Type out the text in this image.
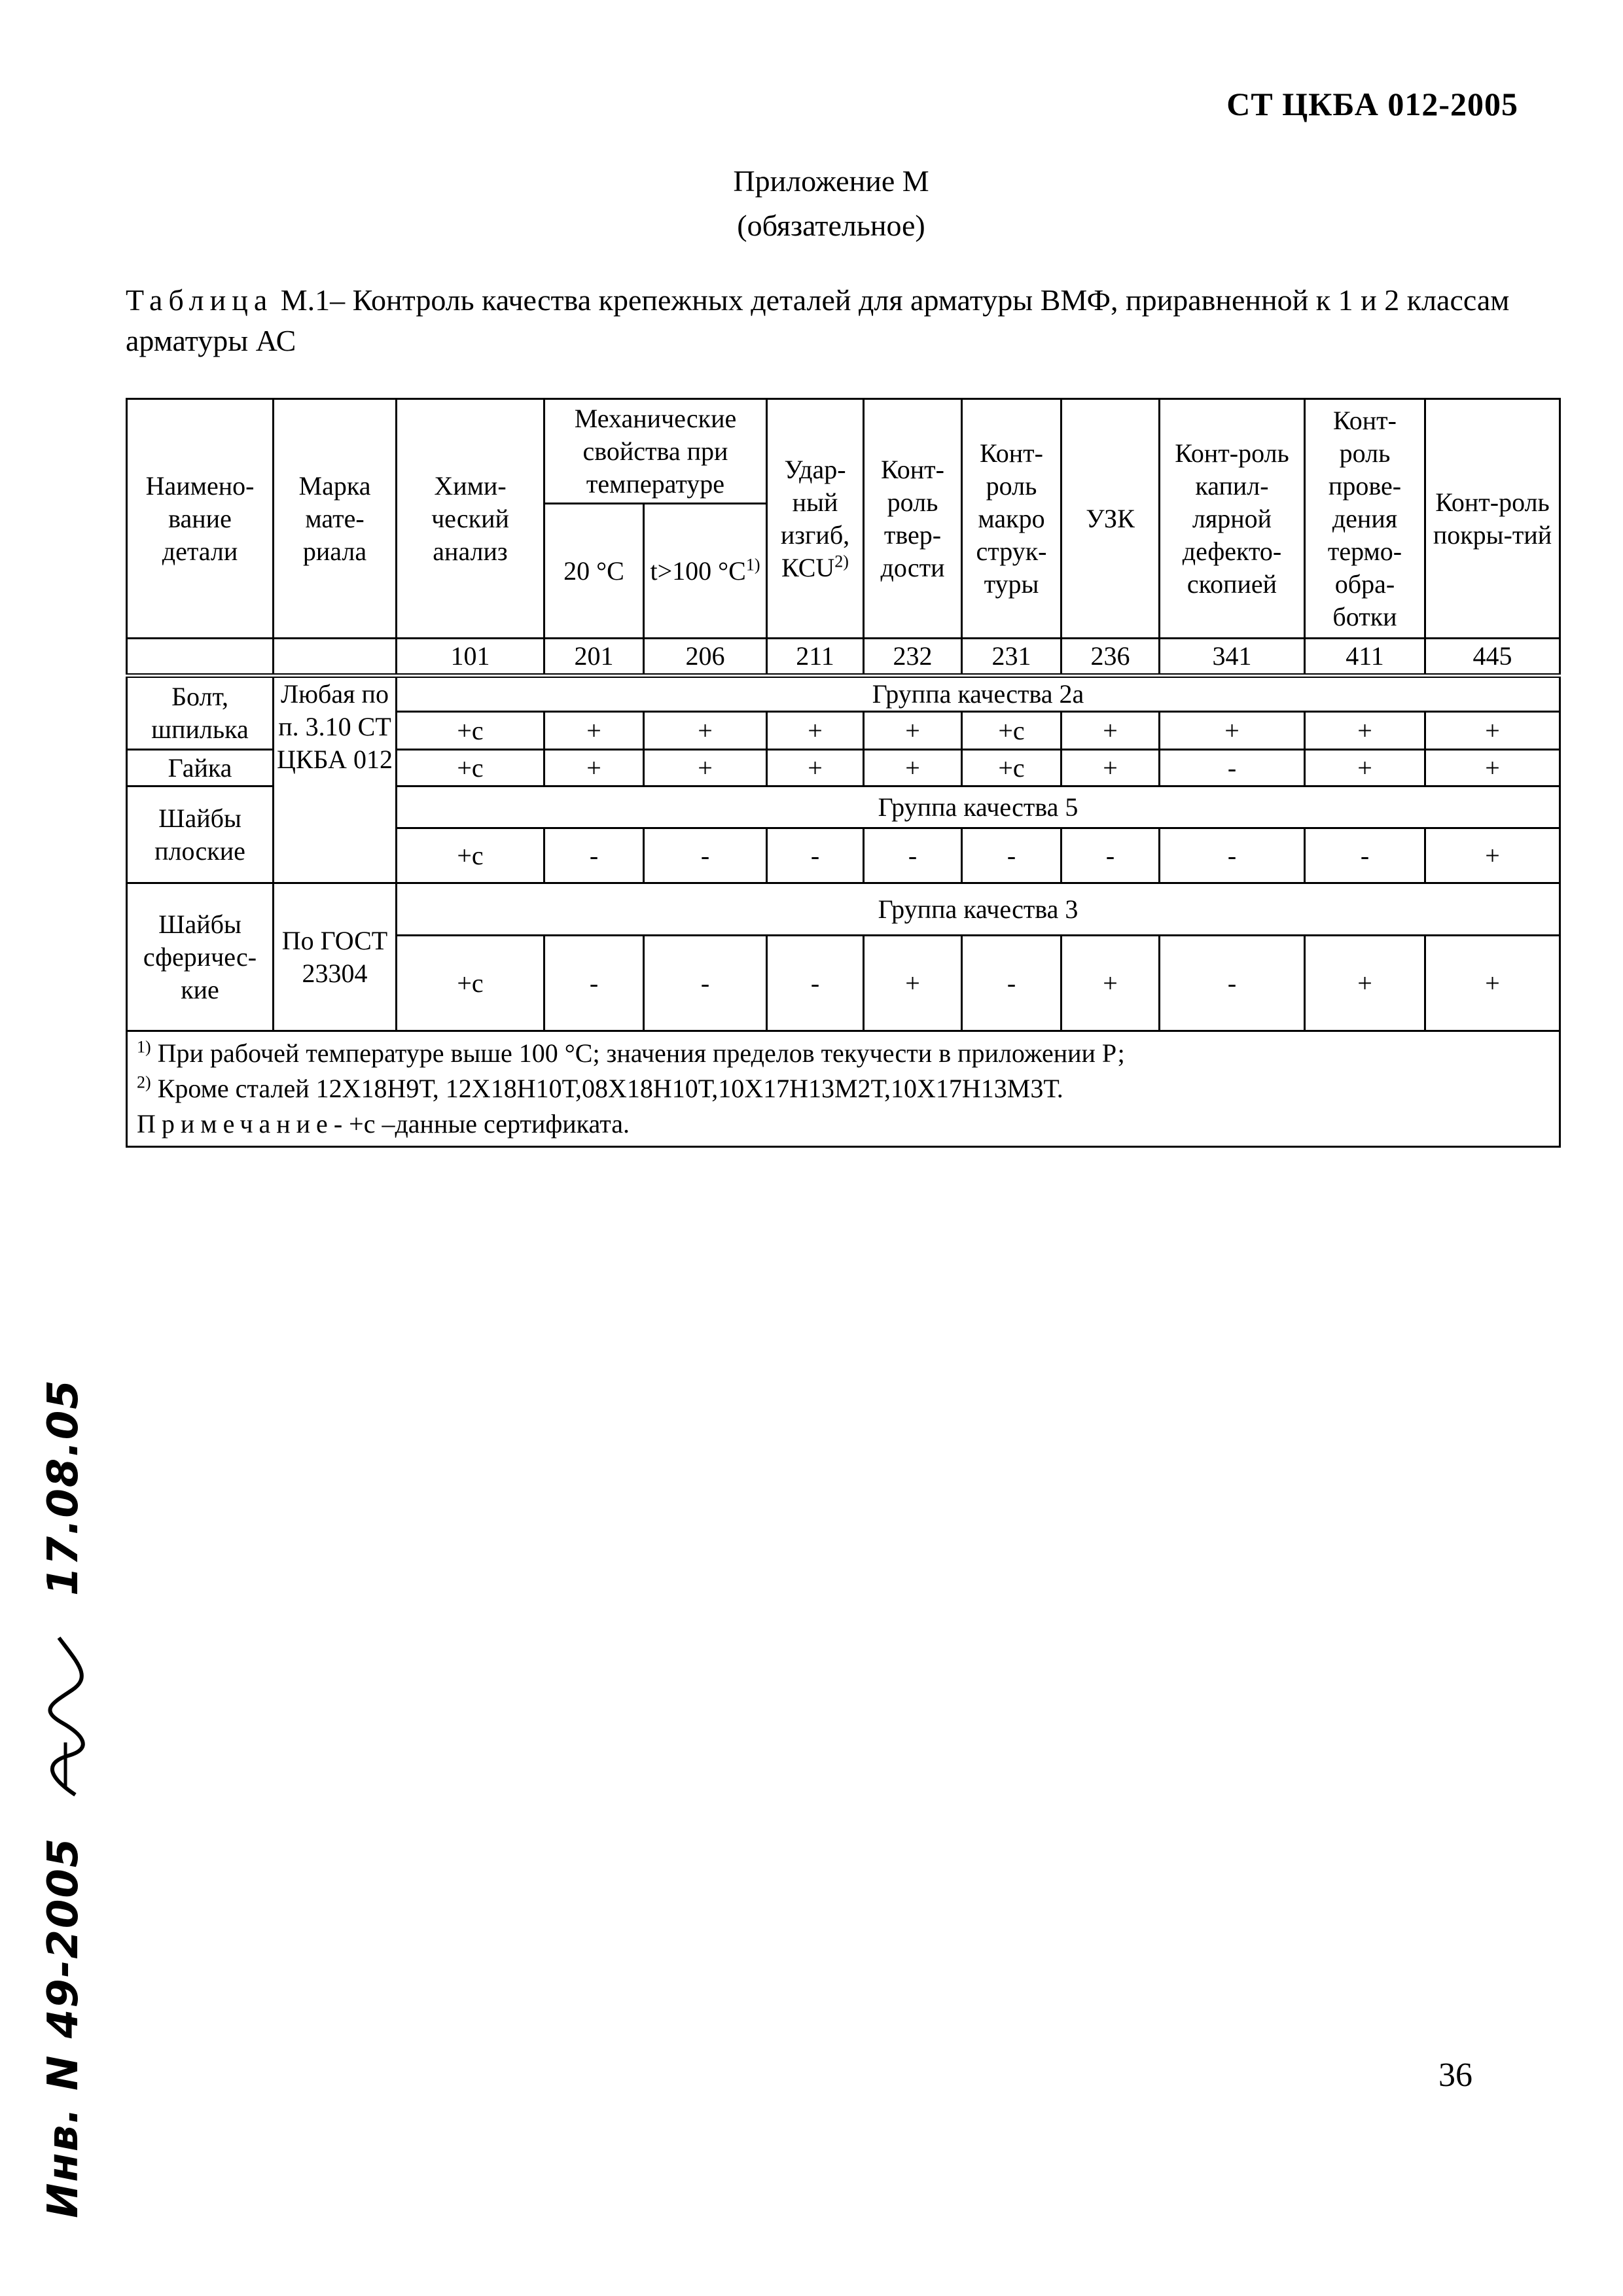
СТ ЦКБА 012-2005
Приложение М
(обязательное)
Таблица М.1– Контроль качества крепежных деталей для арматуры ВМФ, приравненной к 1 и 2 классам арматуры АС
Наимено-вание детали	Марка мате-риала	Хими-ческий анализ	Механические свойства при температуре		Удар-ный изгиб, КСU$^{2)}$	Конт-роль твер-дости	Конт-роль макро струк-туры	УЗК	Конт-роль капил-лярной дефекто-скопией	Конт-роль прове-дения термо-обра-ботки	Конт-роль покры-тий
			20 °С	t>100 $^\circ С^{1)}$
		101	201	206	211	232	231	236	341	411	445
Болт, шпилька	Любая по п. 3.10 СТ ЦКБА 012	Группа качества 2а									
		+с	+	+	+	+	+с	+	+	+	+
Гайка		+с	+	+	+	+	+с	+	-	+	+
Шайбы плоские		Группа качества 5									
		+с	-	-	-	-	-	-	-	-	+
Шайбы сферичес-кие	По ГОСТ 23304	Группа качества 3									
		+с	-	-	-	+	-	+	-	+	+

$^{1)}$ При рабочей температуре выше 100 °С; значения пределов текучести в приложении Р;
$^{2)}$ Кроме сталей 12Х18Н9Т, 12Х18Н10Т,08Х18Н10Т,10Х17Н13М2Т,10Х17Н13М3Т.
Примечание- +с –данные сертификата.											
36
Инв. N 49-2005  17.08.05
